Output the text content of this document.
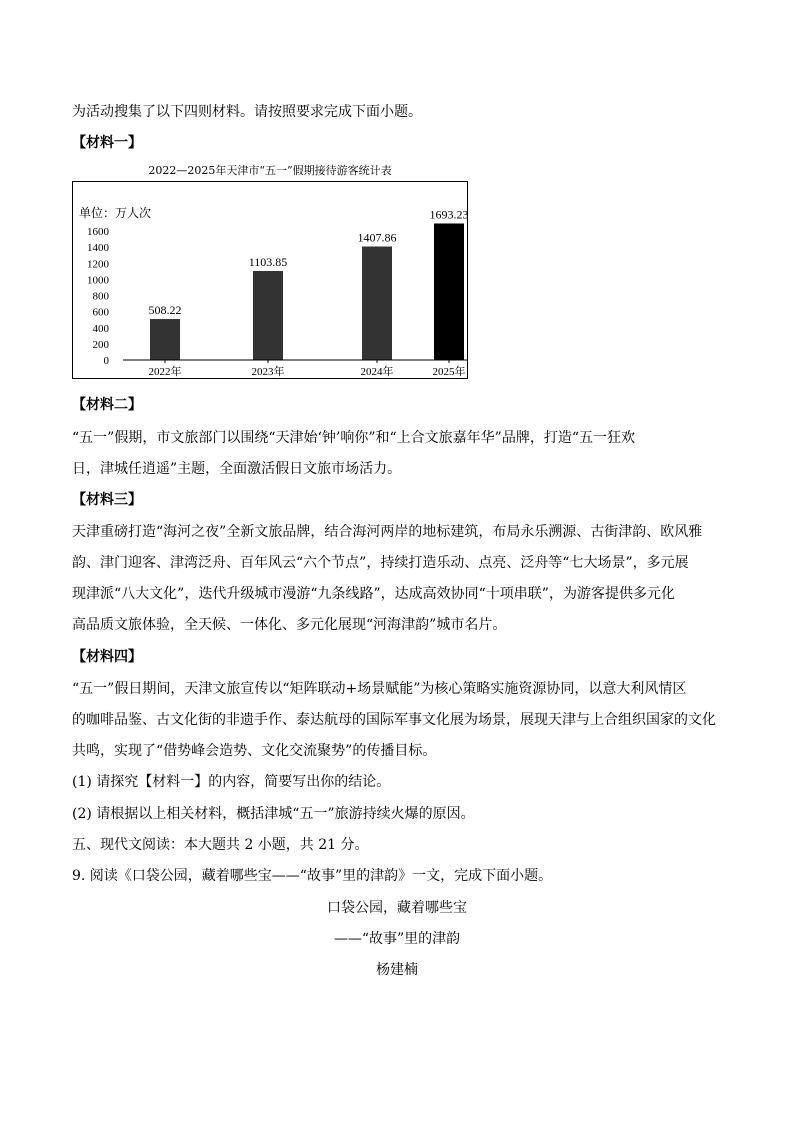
为活动搜集了以下四则材料。请按照要求完成下面小题。
【材料一】
0
200
400
600
800
1000
1200
1400
1600
508.22
1103.85
1407.86
1693.23
2022年	2023年	2024年	2025年
单位：万人次
2022—2025年天津市“五一”假期接待游客统计表
【材料二】
“五一”假期，市文旅部门以围绕“天津始‘钟’响你”和“上合文旅嘉年华”品牌，打造“五一狂欢
日，津城任逍遥”主题，全面激活假日文旅市场活力。
【材料三】
天津重磅打造“海河之夜”全新文旅品牌，结合海河两岸的地标建筑，布局永乐溯源、古街津韵、欧风雅
韵、津门迎客、津湾泛舟、百年风云“六个节点”，持续打造乐动、点亮、泛舟等“七大场景”，多元展
现津派“八大文化”，迭代升级城市漫游“九条线路”，达成高效协同“十项串联”，为游客提供多元化
高品质文旅体验，全天候、一体化、多元化展现“河海津韵”城市名片。
【材料四】
“五一”假日期间，天津文旅宣传以“矩阵联动+场景赋能”为核心策略实施资源协同，以意大利风情区
的咖啡品鉴、古文化街的非遗手作、泰达航母的国际军事文化展为场景，展现天津与上合组织国家的文化
共鸣，实现了“借势峰会造势、文化交流聚势”的传播目标。
(1) 请探究【材料一】的内容，简要写出你的结论。
(2) 请根据以上相关材料，概括津城“五一”旅游持续火爆的原因。
五、现代文阅读：本大题共 2 小题，共 21 分。
9. 阅读《口袋公园，藏着哪些宝——“故事”里的津韵》一文，完成下面小题。
口袋公园，藏着哪些宝
——“故事”里的津韵
杨建楠
